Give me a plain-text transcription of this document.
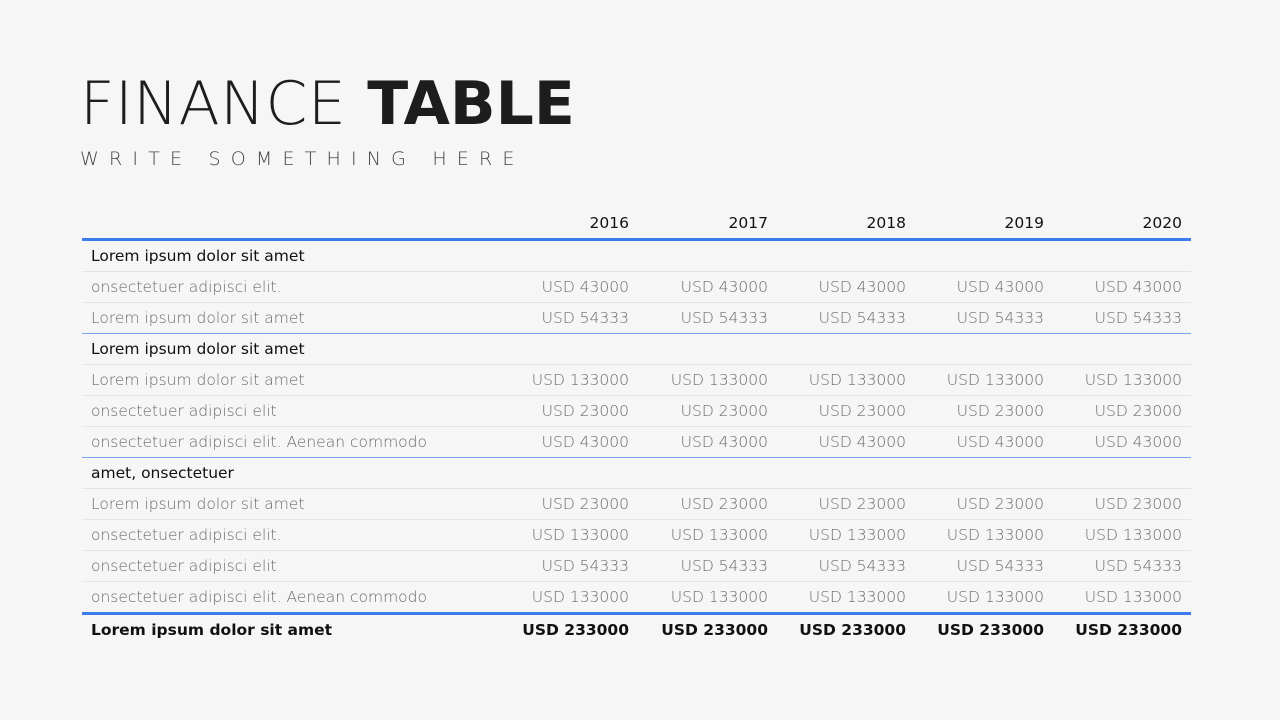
FINANCE TABLE

WRITE SOMETHING HERE

	2016	2017	2018	2019	2020
Lorem ipsum dolor sit amet					
onsectetuer adipisci elit.	USD 43000	USD 43000	USD 43000	USD 43000	USD 43000
Lorem ipsum dolor sit amet	USD 54333	USD 54333	USD 54333	USD 54333	USD 54333
Lorem ipsum dolor sit amet					
Lorem ipsum dolor sit amet	USD 133000	USD 133000	USD 133000	USD 133000	USD 133000
onsectetuer adipisci elit	USD 23000	USD 23000	USD 23000	USD 23000	USD 23000
onsectetuer adipisci elit. Aenean commodo	USD 43000	USD 43000	USD 43000	USD 43000	USD 43000
amet, onsectetuer					
Lorem ipsum dolor sit amet	USD 23000	USD 23000	USD 23000	USD 23000	USD 23000
onsectetuer adipisci elit.	USD 133000	USD 133000	USD 133000	USD 133000	USD 133000
onsectetuer adipisci elit	USD 54333	USD 54333	USD 54333	USD 54333	USD 54333
onsectetuer adipisci elit. Aenean commodo	USD 133000	USD 133000	USD 133000	USD 133000	USD 133000
Lorem ipsum dolor sit amet	USD 233000	USD 233000	USD 233000	USD 233000	USD 233000
